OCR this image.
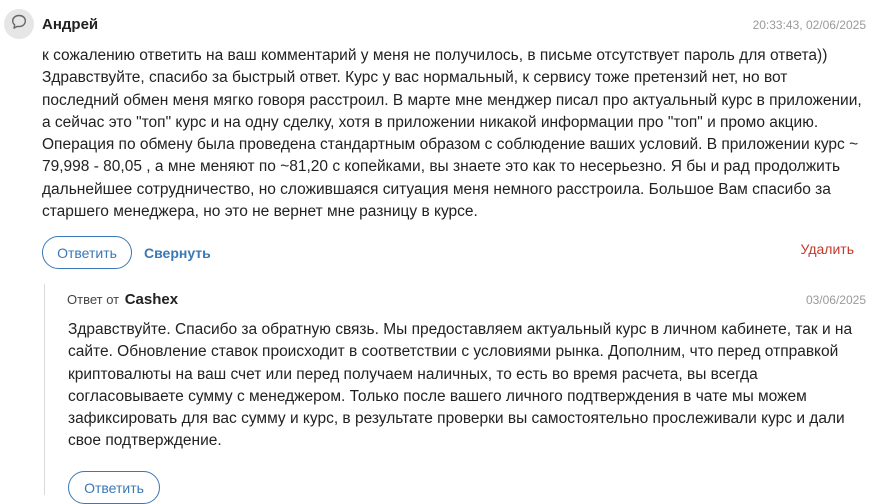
Андрей	20:33:43, 02/06/2025

к сожалению ответить на ваш комментарий у меня не получилось, в письме отсутствует пароль для ответа)) Здравствуйте, спасибо за быстрый ответ. Курс у вас нормальный, к сервису тоже претензий нет, но вот последний обмен меня мягко говоря расстроил. В марте мне менджер писал про актуальный курс в приложении, а сейчас это "топ" курс и на одну сделку, хотя в приложении никакой информации про "топ" и промо акцию. Операция по обмену была проведена стандартным образом с соблюдение ваших условий. В приложении курс ~ 79,998 - 80,05 , а мне меняют по ~81,20 с копейками, вы знаете это как то несерьезно. Я бы и рад продолжить дальнейшее сотрудничество, но сложившаяся ситуация меня немного расстроила. Большое Вам спасибо за старшего менеджера, но это не вернет мне разницу в курсе.

Ответить	Свернуть	Удалить
Ответ от Cashex	03/06/2025

Здравствуйте. Спасибо за обратную связь. Мы предоставляем актуальный курс в личном кабинете, так и на сайте. Обновление ставок происходит в соответствии с условиями рынка. Дополним, что перед отправкой криптовалюты на ваш счет или перед получаем наличных, то есть во время расчета, вы всегда согласовываете сумму с менеджером. Только после вашего личного подтверждения в чате мы можем зафиксировать для вас сумму и курс, в результате проверки вы самостоятельно прослеживали курс и дали свое подтверждение.

Ответить
